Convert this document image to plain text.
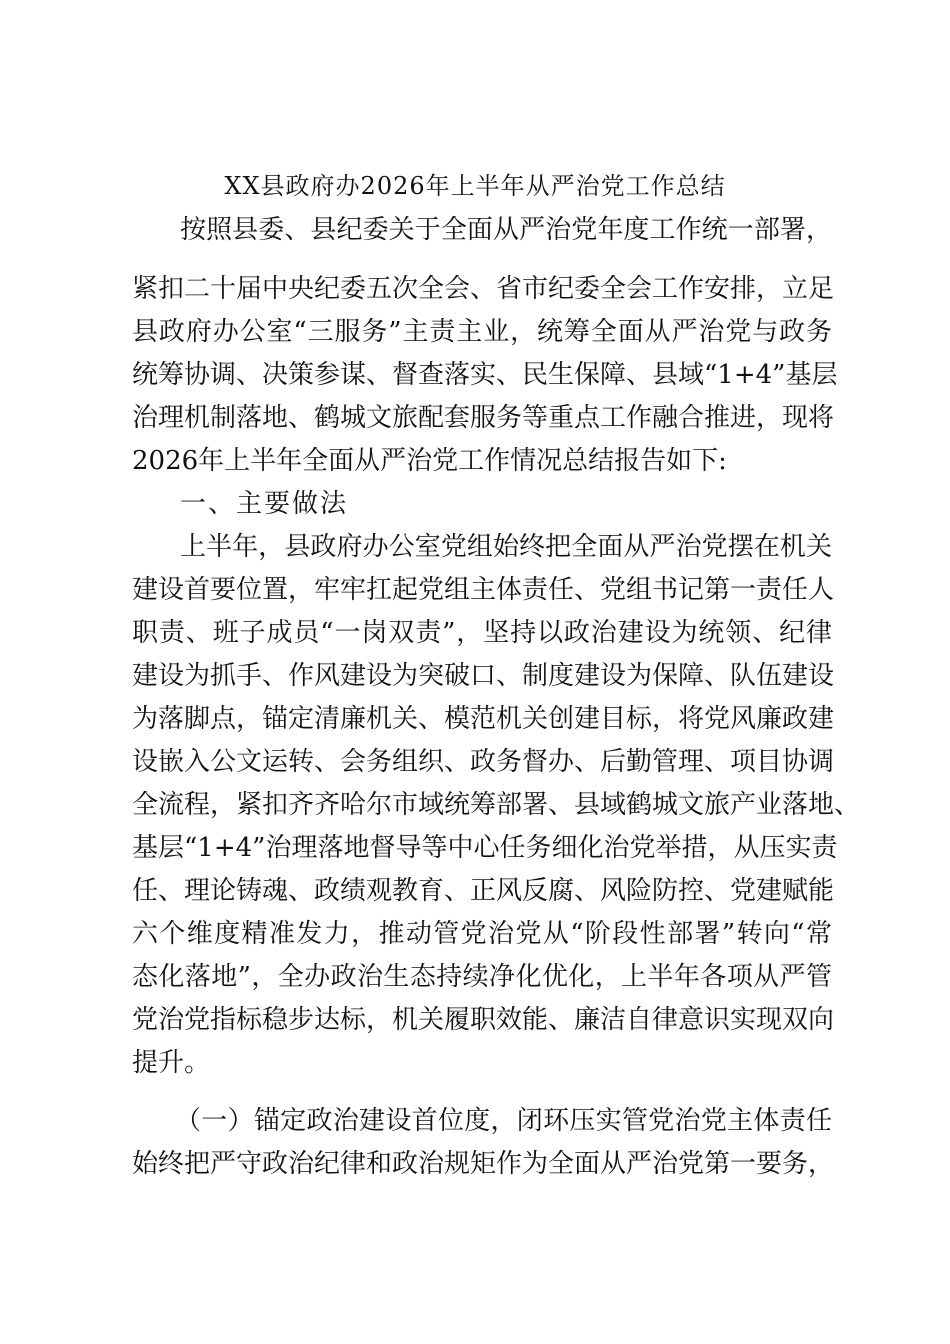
XX县政府办2026年上半年从严治党工作总结
按照县委、县纪委关于全面从严治党年度工作统一部署，
紧扣二十届中央纪委五次全会、省市纪委全会工作安排，立足
县政府办公室“三服务”主责主业，统筹全面从严治党与政务
统筹协调、决策参谋、督查落实、民生保障、县域“1+4”基层
治理机制落地、鹤城文旅配套服务等重点工作融合推进，现将
2026年上半年全面从严治党工作情况总结报告如下:
一、主要做法
上半年，县政府办公室党组始终把全面从严治党摆在机关
建设首要位置，牢牢扛起党组主体责任、党组书记第一责任人
职责、班子成员“一岗双责”，坚持以政治建设为统领、纪律
建设为抓手、作风建设为突破口、制度建设为保障、队伍建设
为落脚点，锚定清廉机关、模范机关创建目标，将党风廉政建
设嵌入公文运转、会务组织、政务督办、后勤管理、项目协调
全流程，紧扣齐齐哈尔市域统筹部署、县域鹤城文旅产业落地、
基层“1+4”治理落地督导等中心任务细化治党举措，从压实责
任、理论铸魂、政绩观教育、正风反腐、风险防控、党建赋能
六个维度精准发力，推动管党治党从“阶段性部署”转向“常
态化落地”，全办政治生态持续净化优化，上半年各项从严管
党治党指标稳步达标，机关履职效能、廉洁自律意识实现双向
提升。
（一）锚定政治建设首位度，闭环压实管党治党主体责任
始终把严守政治纪律和政治规矩作为全面从严治党第一要务，
